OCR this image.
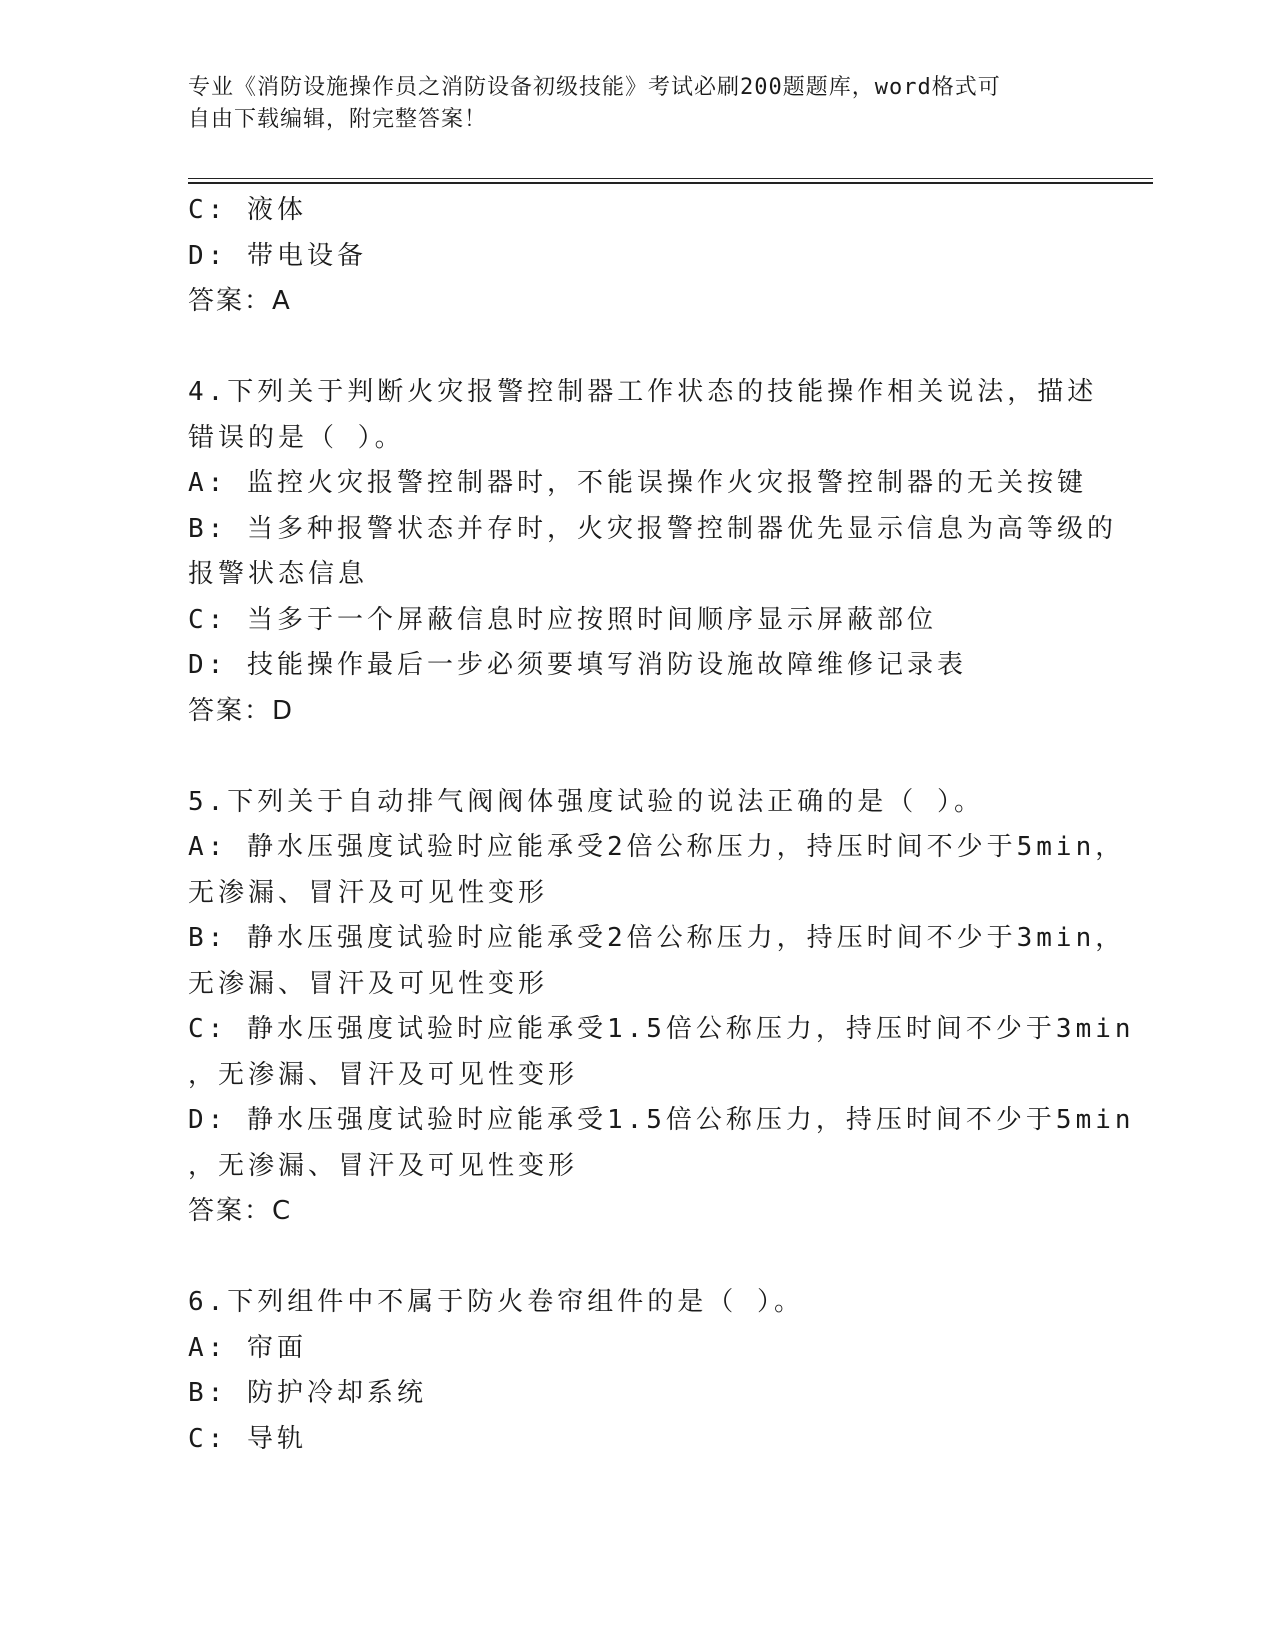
专业《消防设施操作员之消防设备初级技能》考试必刷200题题库，word格式可
自由下载编辑，附完整答案！
C: 液体
D: 带电设备
答案：A
4.下列关于判断火灾报警控制器工作状态的技能操作相关说法，描述
错误的是（ ）。
A: 监控火灾报警控制器时，不能误操作火灾报警控制器的无关按键
B: 当多种报警状态并存时，火灾报警控制器优先显示信息为高等级的
报警状态信息
C: 当多于一个屏蔽信息时应按照时间顺序显示屏蔽部位
D: 技能操作最后一步必须要填写消防设施故障维修记录表
答案：D
5.下列关于自动排气阀阀体强度试验的说法正确的是（ ）。
A: 静水压强度试验时应能承受2倍公称压力，持压时间不少于5min，
无渗漏、冒汗及可见性变形
B: 静水压强度试验时应能承受2倍公称压力，持压时间不少于3min，
无渗漏、冒汗及可见性变形
C: 静水压强度试验时应能承受1.5倍公称压力，持压时间不少于3min
，无渗漏、冒汗及可见性变形
D: 静水压强度试验时应能承受1.5倍公称压力，持压时间不少于5min
，无渗漏、冒汗及可见性变形
答案：C
6.下列组件中不属于防火卷帘组件的是（ ）。
A: 帘面
B: 防护冷却系统
C: 导轨
